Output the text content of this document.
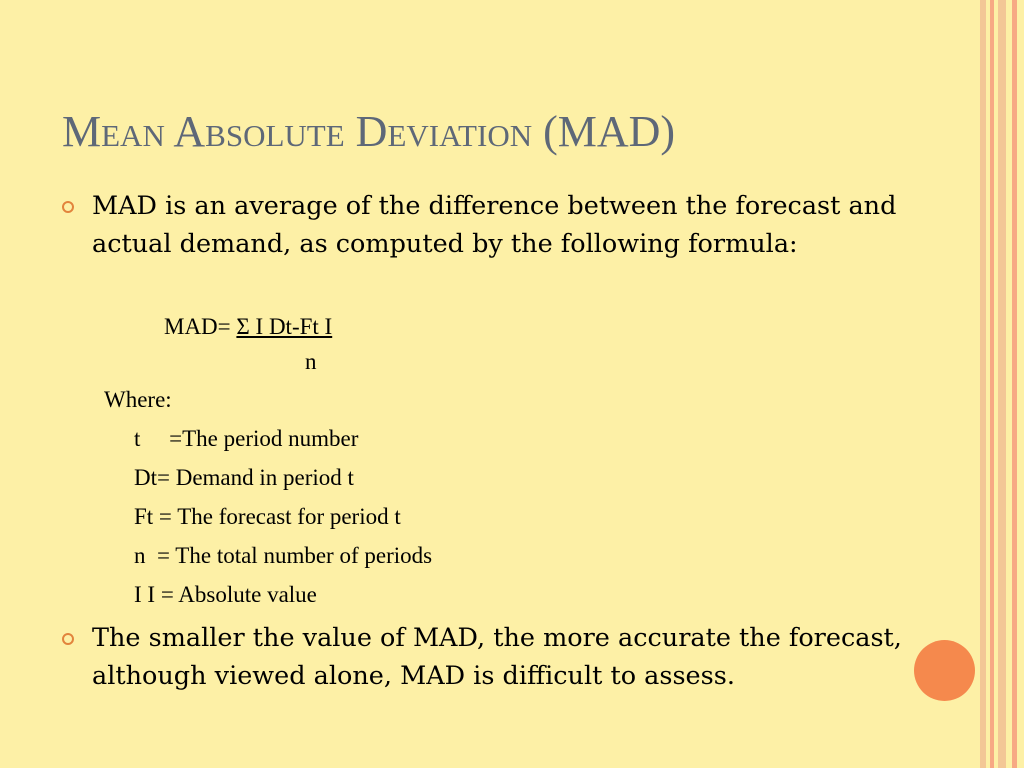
Mean Absolute Deviation (MAD)
MAD is an average of the difference between the forecast and actual demand, as computed by the following formula:
MAD= Σ I Dt-Ft I
n
Where:
t     =The period number
Dt= Demand in period t
Ft = The forecast for period t
n  = The total number of periods
I I = Absolute value
The smaller the value of MAD, the more accurate the forecast, although viewed alone, MAD is difficult to assess.
